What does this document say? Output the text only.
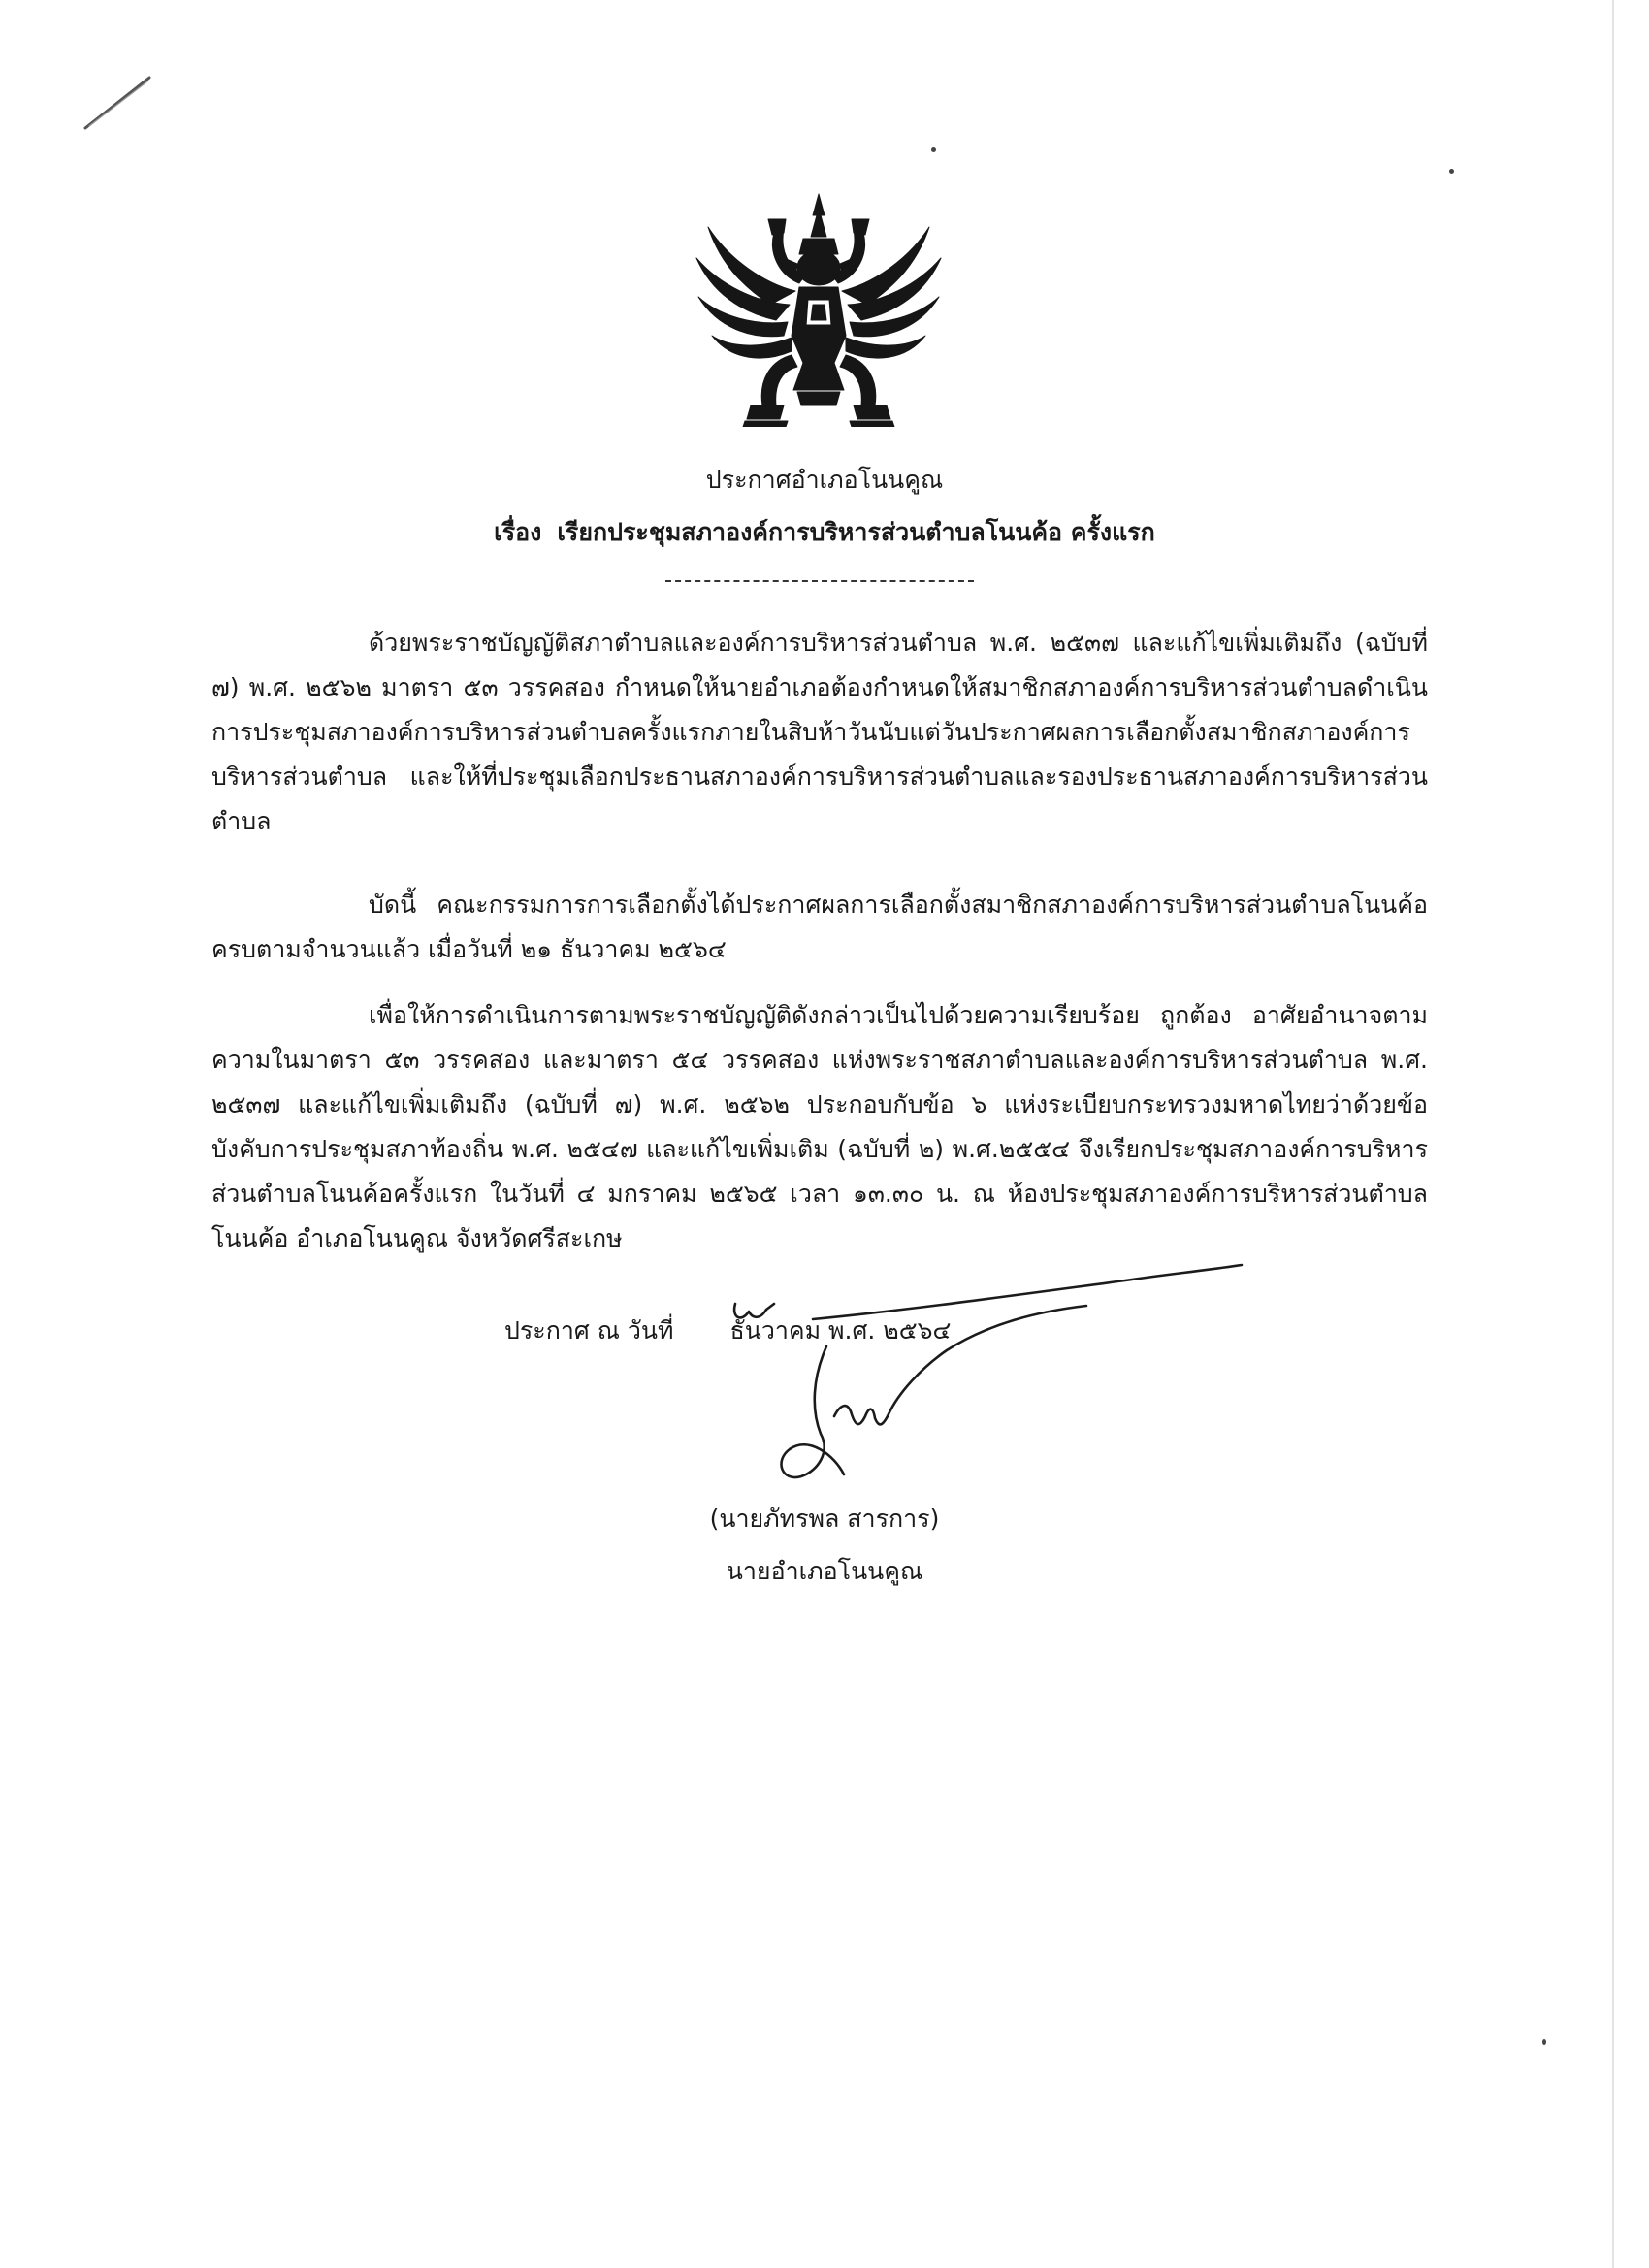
ประกาศอำเภอโนนคูณ
เรื่อง เรียกประชุมสภาองค์การบริหารส่วนตำบลโนนค้อ ครั้งแรก
ด้วยพระราชบัญญัติสภาตำบลและองค์การบริหารส่วนตำบล พ.ศ. ๒๕๓๗ และแก้ไขเพิ่มเติมถึง (ฉบับที่ ๗) พ.ศ. ๒๕๖๒ มาตรา ๕๓ วรรคสอง กำหนดให้นายอำเภอต้องกำหนดให้สมาชิกสภาองค์การบริหารส่วนตำบลดำเนินการประชุมสภาองค์การบริหารส่วนตำบลครั้งแรกภายในสิบห้าวันนับแต่วันประกาศผลการเลือกตั้งสมาชิกสภาองค์การบริหารส่วนตำบล และให้ที่ประชุมเลือกประธานสภาองค์การบริหารส่วนตำบลและรองประธานสภาองค์การบริหารส่วนตำบล
บัดนี้ คณะกรรมการการเลือกตั้งได้ประกาศผลการเลือกตั้งสมาชิกสภาองค์การบริหารส่วนตำบลโนนค้อ ครบตามจำนวนแล้ว เมื่อวันที่ ๒๑ ธันวาคม ๒๕๖๔
เพื่อให้การดำเนินการตามพระราชบัญญัติดังกล่าวเป็นไปด้วยความเรียบร้อย ถูกต้อง อาศัยอำนาจตามความในมาตรา ๕๓ วรรคสอง และมาตรา ๕๔ วรรคสอง แห่งพระราชสภาตำบลและองค์การบริหารส่วนตำบล พ.ศ. ๒๕๓๗ และแก้ไขเพิ่มเติมถึง (ฉบับที่ ๗) พ.ศ. ๒๕๖๒ ประกอบกับข้อ ๖ แห่งระเบียบกระทรวงมหาดไทยว่าด้วยข้อบังคับการประชุมสภาท้องถิ่น พ.ศ. ๒๕๔๗ และแก้ไขเพิ่มเติม (ฉบับที่ ๒) พ.ศ.๒๕๕๔ จึงเรียกประชุมสภาองค์การบริหารส่วนตำบลโนนค้อครั้งแรก ในวันที่ ๔ มกราคม ๒๕๖๕ เวลา ๑๓.๓๐ น. ณ ห้องประชุมสภาองค์การบริหารส่วนตำบลโนนค้อ อำเภอโนนคูณ จังหวัดศรีสะเกษ
ประกาศ ณ วันที่ ธันวาคม พ.ศ. ๒๕๖๔
(นายภัทรพล สารการ)
นายอำเภอโนนคูณ
